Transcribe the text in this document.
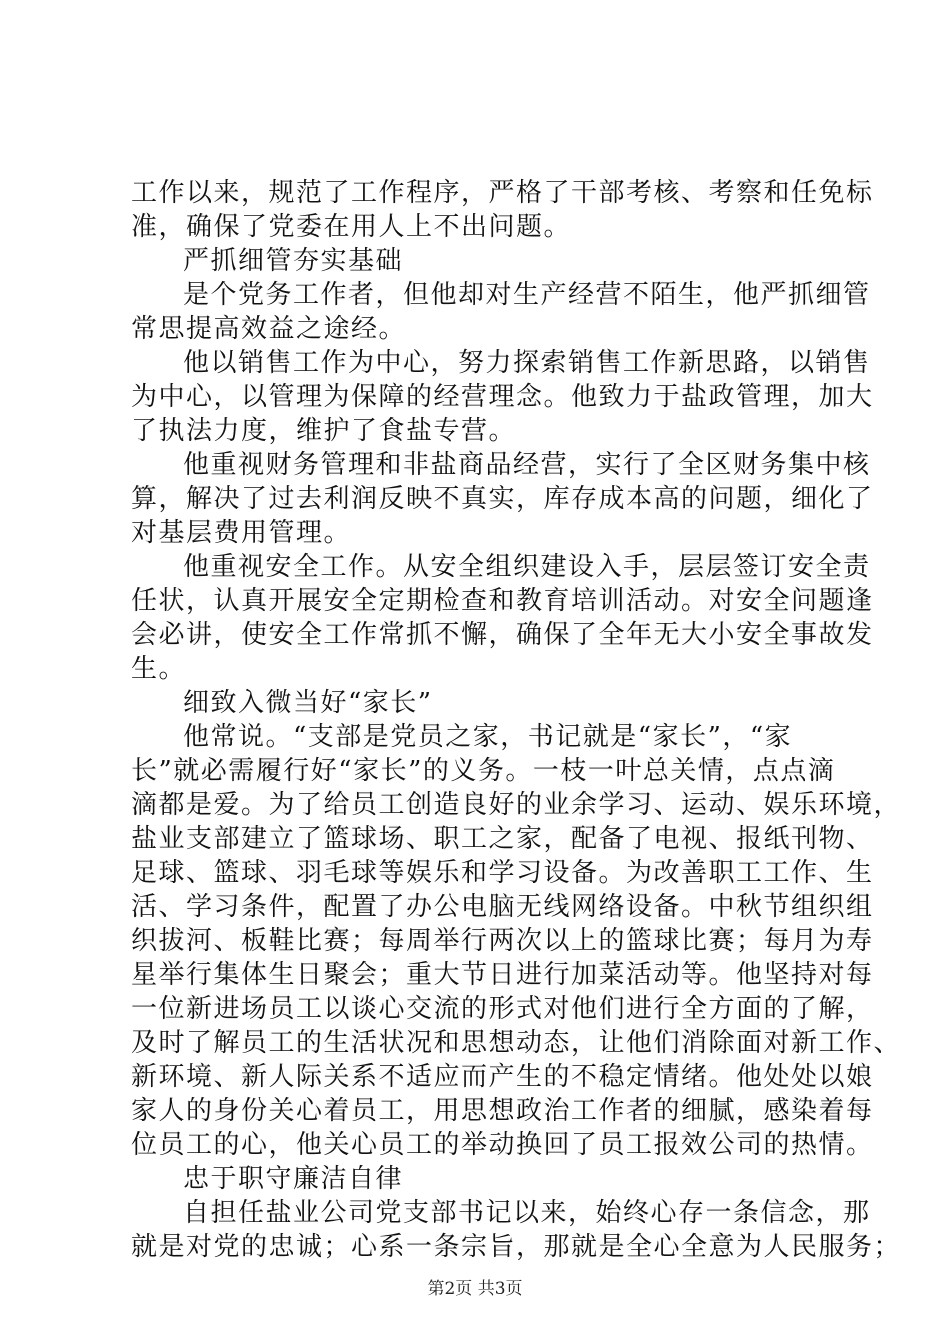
工作以来，规范了工作程序，严格了干部考核、考察和任免标

准，确保了党委在用人上不出问题。

严抓细管夯实基础

是个党务工作者，但他却对生产经营不陌生，他严抓细管

常思提高效益之途经。

他以销售工作为中心，努力探索销售工作新思路，以销售

为中心，以管理为保障的经营理念。他致力于盐政管理，加大

了执法力度，维护了食盐专营。

他重视财务管理和非盐商品经营，实行了全区财务集中核

算，解决了过去利润反映不真实，库存成本高的问题，细化了

对基层费用管理。

他重视安全工作。从安全组织建设入手，层层签订安全责

任状，认真开展安全定期检查和教育培训活动。对安全问题逢

会必讲，使安全工作常抓不懈，确保了全年无大小安全事故发

生。

细致入微当好“家长”

他常说。“支部是党员之家，书记就是“家长”，“家

长”就必需履行好“家长”的义务。一枝一叶总关情，点点滴

滴都是爱。为了给员工创造良好的业余学习、运动、娱乐环境，

盐业支部建立了篮球场、职工之家，配备了电视、报纸刊物、

足球、篮球、羽毛球等娱乐和学习设备。为改善职工工作、生

活、学习条件，配置了办公电脑无线网络设备。中秋节组织组

织拔河、板鞋比赛；每周举行两次以上的篮球比赛；每月为寿

星举行集体生日聚会；重大节日进行加菜活动等。他坚持对每

一位新进场员工以谈心交流的形式对他们进行全方面的了解，

及时了解员工的生活状况和思想动态，让他们消除面对新工作、

新环境、新人际关系不适应而产生的不稳定情绪。他处处以娘

家人的身份关心着员工，用思想政治工作者的细腻，感染着每

位员工的心，他关心员工的举动换回了员工报效公司的热情。

忠于职守廉洁自律

自担任盐业公司党支部书记以来，始终心存一条信念，那

就是对党的忠诚；心系一条宗旨，那就是全心全意为人民服务；

第2页 共3页
